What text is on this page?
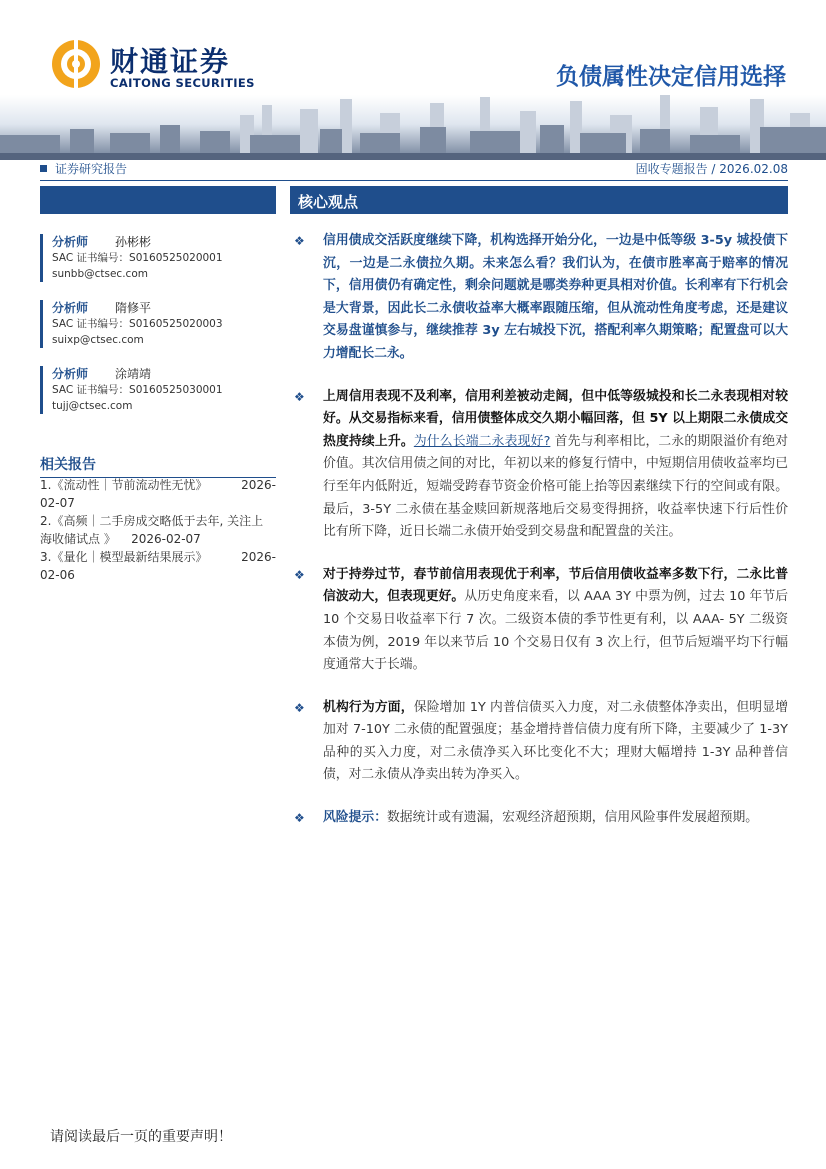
财通证券
CAITONG SECURITIES	负债属性决定信用选择
证券研究报告	固收专题报告 / 2026.02.08
核心观点
分析师 孙彬彬
SAC 证书编号：S0160525020001
sunbb@ctsec.com
分析师 隋修平
SAC 证书编号：S0160525020003
suixp@ctsec.com
分析师 涂靖靖
SAC 证书编号：S0160525030001
tujj@ctsec.com
相关报告
1.《流动性｜节前流动性无忧》	2026-
02-07
2.《高频｜二手房成交略低于去年, 关注上
海收储试点 》    2026-02-07
3.《量化｜模型最新结果展示》	2026-
02-06
❖ 信用债成交活跃度继续下降，机构选择开始分化，一边是中低等级 3-5y 城投债下沉，一边是二永债拉久期。未来怎么看？我们认为，在债市胜率高于赔率的情况下，信用债仍有确定性，剩余问题就是哪类券种更具相对价值。长利率有下行机会是大背景，因此长二永债收益率大概率跟随压缩，但从流动性角度考虑，还是建议交易盘谨慎参与，继续推荐 3y 左右城投下沉，搭配利率久期策略；配置盘可以大力增配长二永。
❖ 上周信用表现不及利率，信用利差被动走阔，但中低等级城投和长二永表现相对较好。从交易指标来看，信用债整体成交久期小幅回落，但 5Y 以上期限二永债成交热度持续上升。为什么长端二永表现好? 首先与利率相比，二永的期限溢价有绝对价值。其次信用债之间的对比，年初以来的修复行情中，中短期信用债收益率均已行至年内低附近，短端受跨春节资金价格可能上抬等因素继续下行的空间或有限。最后，3-5Y 二永债在基金赎回新规落地后交易变得拥挤，收益率快速下行后性价比有所下降，近日长端二永债开始受到交易盘和配置盘的关注。
❖ 对于持券过节，春节前信用表现优于利率，节后信用债收益率多数下行，二永比普信波动大，但表现更好。从历史角度来看，以 AAA 3Y 中票为例，过去 10 年节后 10 个交易日收益率下行 7 次。二级资本债的季节性更有利，以 AAA- 5Y 二级资本债为例，2019 年以来节后 10 个交易日仅有 3 次上行，但节后短端平均下行幅度通常大于长端。
❖ 机构行为方面，保险增加 1Y 内普信债买入力度，对二永债整体净卖出，但明显增加对 7-10Y 二永债的配置强度；基金增持普信债力度有所下降，主要减少了 1-3Y 品种的买入力度，对二永债净买入环比变化不大；理财大幅增持 1-3Y 品种普信债，对二永债从净卖出转为净买入。
❖ 风险提示：数据统计或有遗漏，宏观经济超预期，信用风险事件发展超预期。
请阅读最后一页的重要声明！
